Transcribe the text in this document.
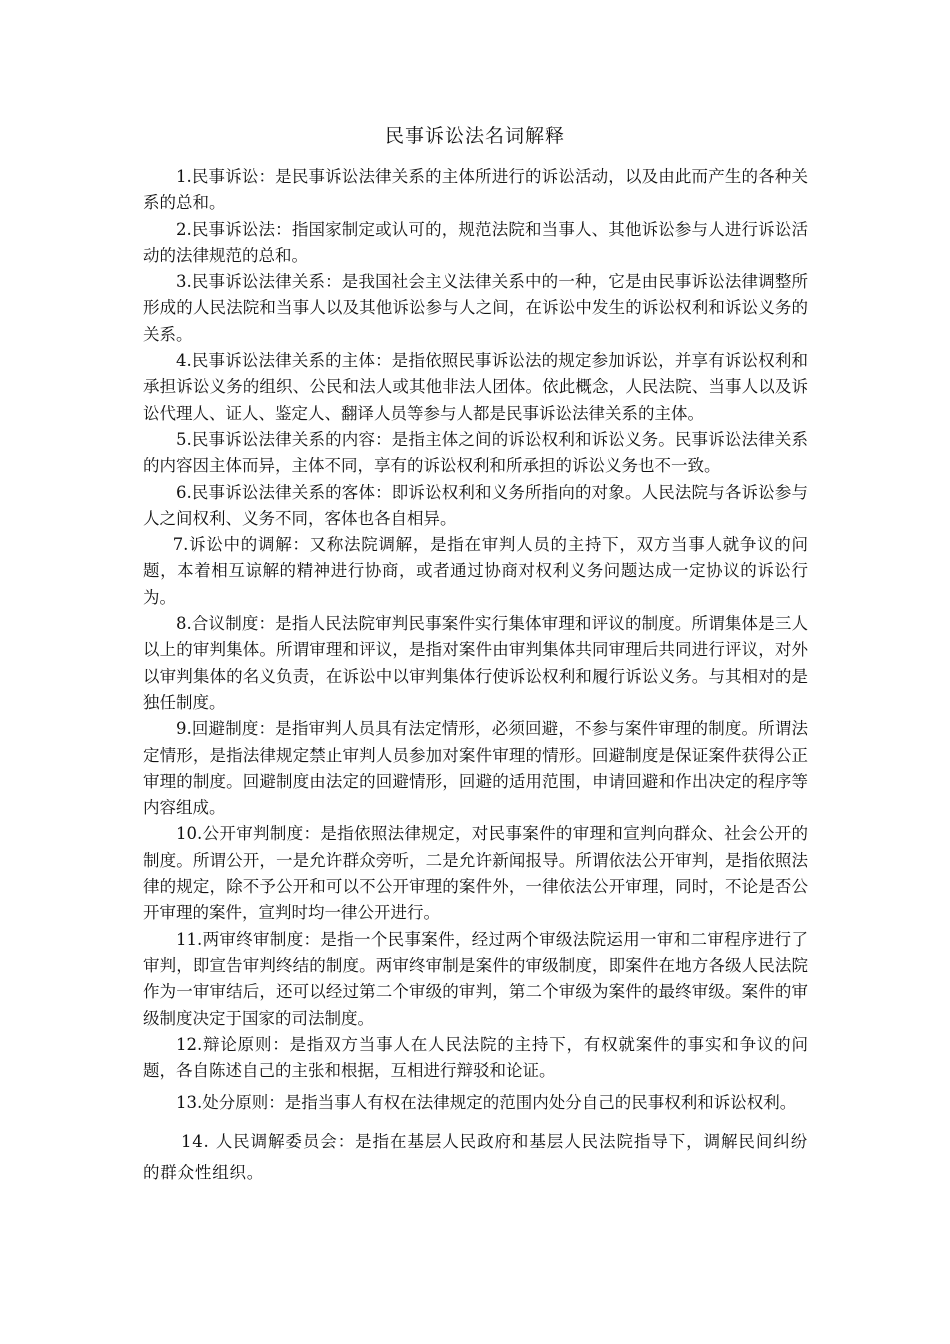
民事诉讼法名词解释

1.民事诉讼：是民事诉讼法律关系的主体所进行的诉讼活动，以及由此而产生的各种关系的总和。

2.民事诉讼法：指国家制定或认可的，规范法院和当事人、其他诉讼参与人进行诉讼活动的法律规范的总和。

3.民事诉讼法律关系：是我国社会主义法律关系中的一种，它是由民事诉讼法律调整所形成的人民法院和当事人以及其他诉讼参与人之间，在诉讼中发生的诉讼权利和诉讼义务的关系。

4.民事诉讼法律关系的主体：是指依照民事诉讼法的规定参加诉讼，并享有诉讼权利和承担诉讼义务的组织、公民和法人或其他非法人团体。依此概念，人民法院、当事人以及诉讼代理人、证人、鉴定人、翻译人员等参与人都是民事诉讼法律关系的主体。

5.民事诉讼法律关系的内容：是指主体之间的诉讼权利和诉讼义务。民事诉讼法律关系的内容因主体而异，主体不同，享有的诉讼权利和所承担的诉讼义务也不一致。

6.民事诉讼法律关系的客体：即诉讼权利和义务所指向的对象。人民法院与各诉讼参与人之间权利、义务不同，客体也各自相异。

7.诉讼中的调解：又称法院调解，是指在审判人员的主持下，双方当事人就争议的问题，本着相互谅解的精神进行协商，或者通过协商对权利义务问题达成一定协议的诉讼行为。

8.合议制度：是指人民法院审判民事案件实行集体审理和评议的制度。所谓集体是三人以上的审判集体。所谓审理和评议，是指对案件由审判集体共同审理后共同进行评议，对外以审判集体的名义负责，在诉讼中以审判集体行使诉讼权利和履行诉讼义务。与其相对的是独任制度。

9.回避制度：是指审判人员具有法定情形，必须回避，不参与案件审理的制度。所谓法定情形，是指法律规定禁止审判人员参加对案件审理的情形。回避制度是保证案件获得公正审理的制度。回避制度由法定的回避情形，回避的适用范围，申请回避和作出决定的程序等内容组成。

10.公开审判制度：是指依照法律规定，对民事案件的审理和宣判向群众、社会公开的制度。所谓公开，一是允许群众旁听，二是允许新闻报导。所谓依法公开审判，是指依照法律的规定，除不予公开和可以不公开审理的案件外，一律依法公开审理，同时，不论是否公开审理的案件，宣判时均一律公开进行。

11.两审终审制度：是指一个民事案件，经过两个审级法院运用一审和二审程序进行了审判，即宣告审判终结的制度。两审终审制是案件的审级制度，即案件在地方各级人民法院作为一审审结后，还可以经过第二个审级的审判，第二个审级为案件的最终审级。案件的审级制度决定于国家的司法制度。

12.辩论原则：是指双方当事人在人民法院的主持下，有权就案件的事实和争议的问题，各自陈述自己的主张和根据，互相进行辩驳和论证。

13.处分原则：是指当事人有权在法律规定的范围内处分自己的民事权利和诉讼权利。

14. 人民调解委员会：是指在基层人民政府和基层人民法院指导下，调解民间纠纷的群众性组织。
